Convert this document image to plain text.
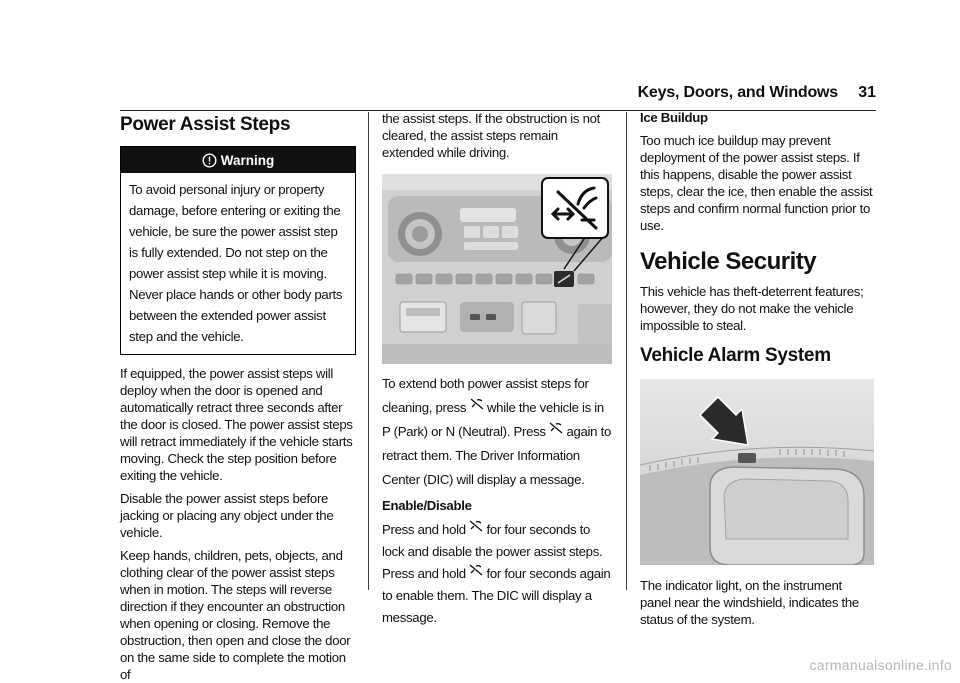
Keys, Doors, and Windows 31
Power Assist Steps
Warning

To avoid personal injury or property damage, before entering or exiting the vehicle, be sure the power assist step is fully extended. Do not step on the power assist step while it is moving. Never place hands or other body parts between the extended power assist step and the vehicle.

If equipped, the power assist steps will deploy when the door is opened and automatically retract three seconds after the door is closed. The power assist steps will retract immediately if the vehicle starts moving. Check the step position before exiting the vehicle.

Disable the power assist steps before jacking or placing any object under the vehicle.

Keep hands, children, pets, objects, and clothing clear of the power assist steps when in motion. The steps will reverse direction if they encounter an obstruction when opening or closing. Remove the obstruction, then open and close the door on the same side to complete the motion of

the assist steps. If the obstruction is not cleared, the assist steps remain extended while driving.

To extend both power assist steps for cleaning, press while the vehicle is in P (Park) or N (Neutral). Press again to retract them. The Driver Information Center (DIC) will display a message.

Enable/Disable

Press and hold for four seconds to lock and disable the power assist steps. Press and hold for four seconds again to enable them. The DIC will display a message.

Ice Buildup

Too much ice buildup may prevent deployment of the power assist steps. If this happens, disable the power assist steps, clear the ice, then enable the assist steps and confirm normal function prior to use.

Vehicle Security

This vehicle has theft-deterrent features; however, they do not make the vehicle impossible to steal.

Vehicle Alarm System

The indicator light, on the instrument panel near the windshield, indicates the status of the system.

carmanualsonline.info
